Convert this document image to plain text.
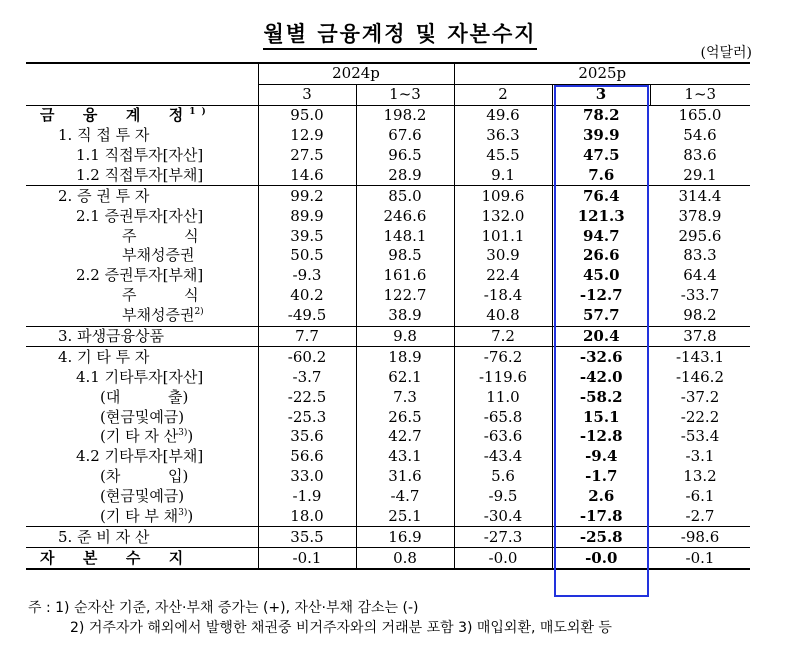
월별 금융계정 및 자본수지
(억달러)
	2024p		2025p		
	3	1~3	2	3	1~3
금  융  계  정$^{1)}$	95.0	198.2	49.6	78.2	165.0
1. 직 접 투 자	12.9	67.6	36.3	39.9	54.6
1.1 직접투자[자산]	27.5	96.5	45.5	47.5	83.6
1.2 직접투자[부채]	14.6	28.9	9.1	7.6	29.1
2. 증 권 투 자	99.2	85.0	109.6	76.4	314.4
2.1 증권투자[자산]	89.9	246.6	132.0	121.3	378.9
주          식	39.5	148.1	101.1	94.7	295.6
부채성증권	50.5	98.5	30.9	26.6	83.3
2.2 증권투자[부채]	-9.3	161.6	22.4	45.0	64.4
주          식	40.2	122.7	-18.4	-12.7	-33.7
부채성증권$^{2)}$	-49.5	38.9	40.8	57.7	98.2
3. 파생금융상품	7.7	9.8	7.2	20.4	37.8
4. 기 타 투 자	-60.2	18.9	-76.2	-32.6	-143.1
4.1 기타투자[자산]	-3.7	62.1	-119.6	-42.0	-146.2
(대          출)	-22.5	7.3	11.0	-58.2	-37.2
(현금및예금)	-25.3	26.5	-65.8	15.1	-22.2
(기 타 자 산$^{3)}$)	35.6	42.7	-63.6	-12.8	-53.4
4.2 기타투자[부채]	56.6	43.1	-43.4	-9.4	-3.1
(차          입)	33.0	31.6	5.6	-1.7	13.2
(현금및예금)	-1.9	-4.7	-9.5	2.6	-6.1
(기 타 부 채$^{3)}$)	18.0	25.1	-30.4	-17.8	-2.7
5. 준 비 자 산	35.5	16.9	-27.3	-25.8	-98.6
자  본  수  지	-0.1	0.8	-0.0	-0.0	-0.1
주 : 1) 순자산 기준, 자산·부채 증가는 (+), 자산·부채 감소는 (-)
2) 거주자가 해외에서 발행한 채권중 비거주자와의 거래분 포함 3) 매입외환, 매도외환 등
